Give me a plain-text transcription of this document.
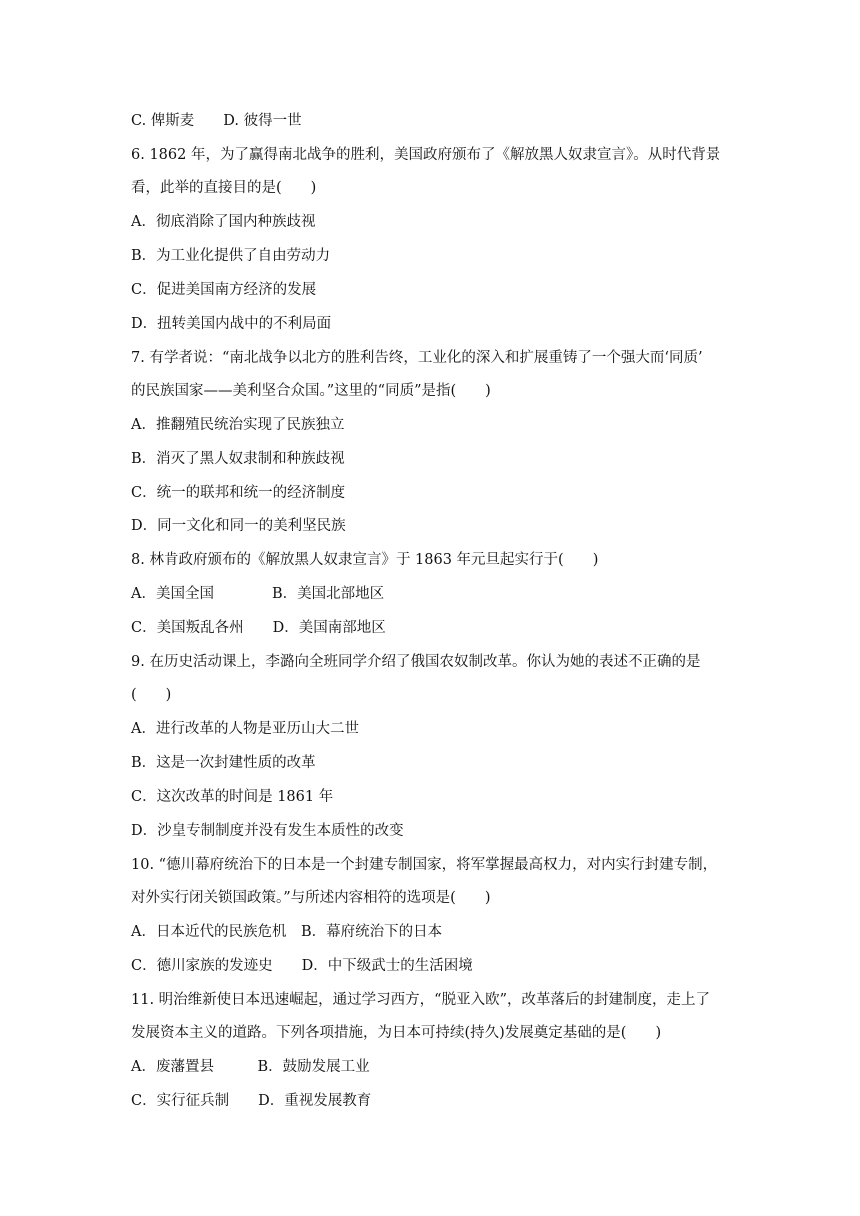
C. 俾斯麦　　D. 彼得一世
6. 1862 年，为了赢得南北战争的胜利，美国政府颁布了《解放黑人奴隶宣言》。从时代背景
看，此举的直接目的是(　　)
A．彻底消除了国内种族歧视
B．为工业化提供了自由劳动力
C．促进美国南方经济的发展
D．扭转美国内战中的不利局面
7. 有学者说：“南北战争以北方的胜利告终，工业化的深入和扩展重铸了一个强大而‘同质’
的民族国家——美利坚合众国。”这里的“同质”是指(　　)
A．推翻殖民统治实现了民族独立
B．消灭了黑人奴隶制和种族歧视
C．统一的联邦和统一的经济制度
D．同一文化和同一的美利坚民族
8. 林肯政府颁布的《解放黑人奴隶宣言》于 1863 年元旦起实行于(　　)
A．美国全国　　　　B．美国北部地区
C．美国叛乱各州　　D．美国南部地区
9. 在历史活动课上，李潞向全班同学介绍了俄国农奴制改革。你认为她的表述不正确的是
(　　)
A．进行改革的人物是亚历山大二世
B．这是一次封建性质的改革
C．这次改革的时间是 1861 年
D．沙皇专制制度并没有发生本质性的改变
10. “德川幕府统治下的日本是一个封建专制国家，将军掌握最高权力，对内实行封建专制，
对外实行闭关锁国政策。”与所述内容相符的选项是(　　)
A．日本近代的民族危机　B．幕府统治下的日本
C．德川家族的发迹史　　D．中下级武士的生活困境
11. 明治维新使日本迅速崛起，通过学习西方，“脱亚入欧”，改革落后的封建制度，走上了
发展资本主义的道路。下列各项措施，为日本可持续(持久)发展奠定基础的是(　　)
A．废藩置县　　　B．鼓励发展工业
C．实行征兵制　　D．重视发展教育
